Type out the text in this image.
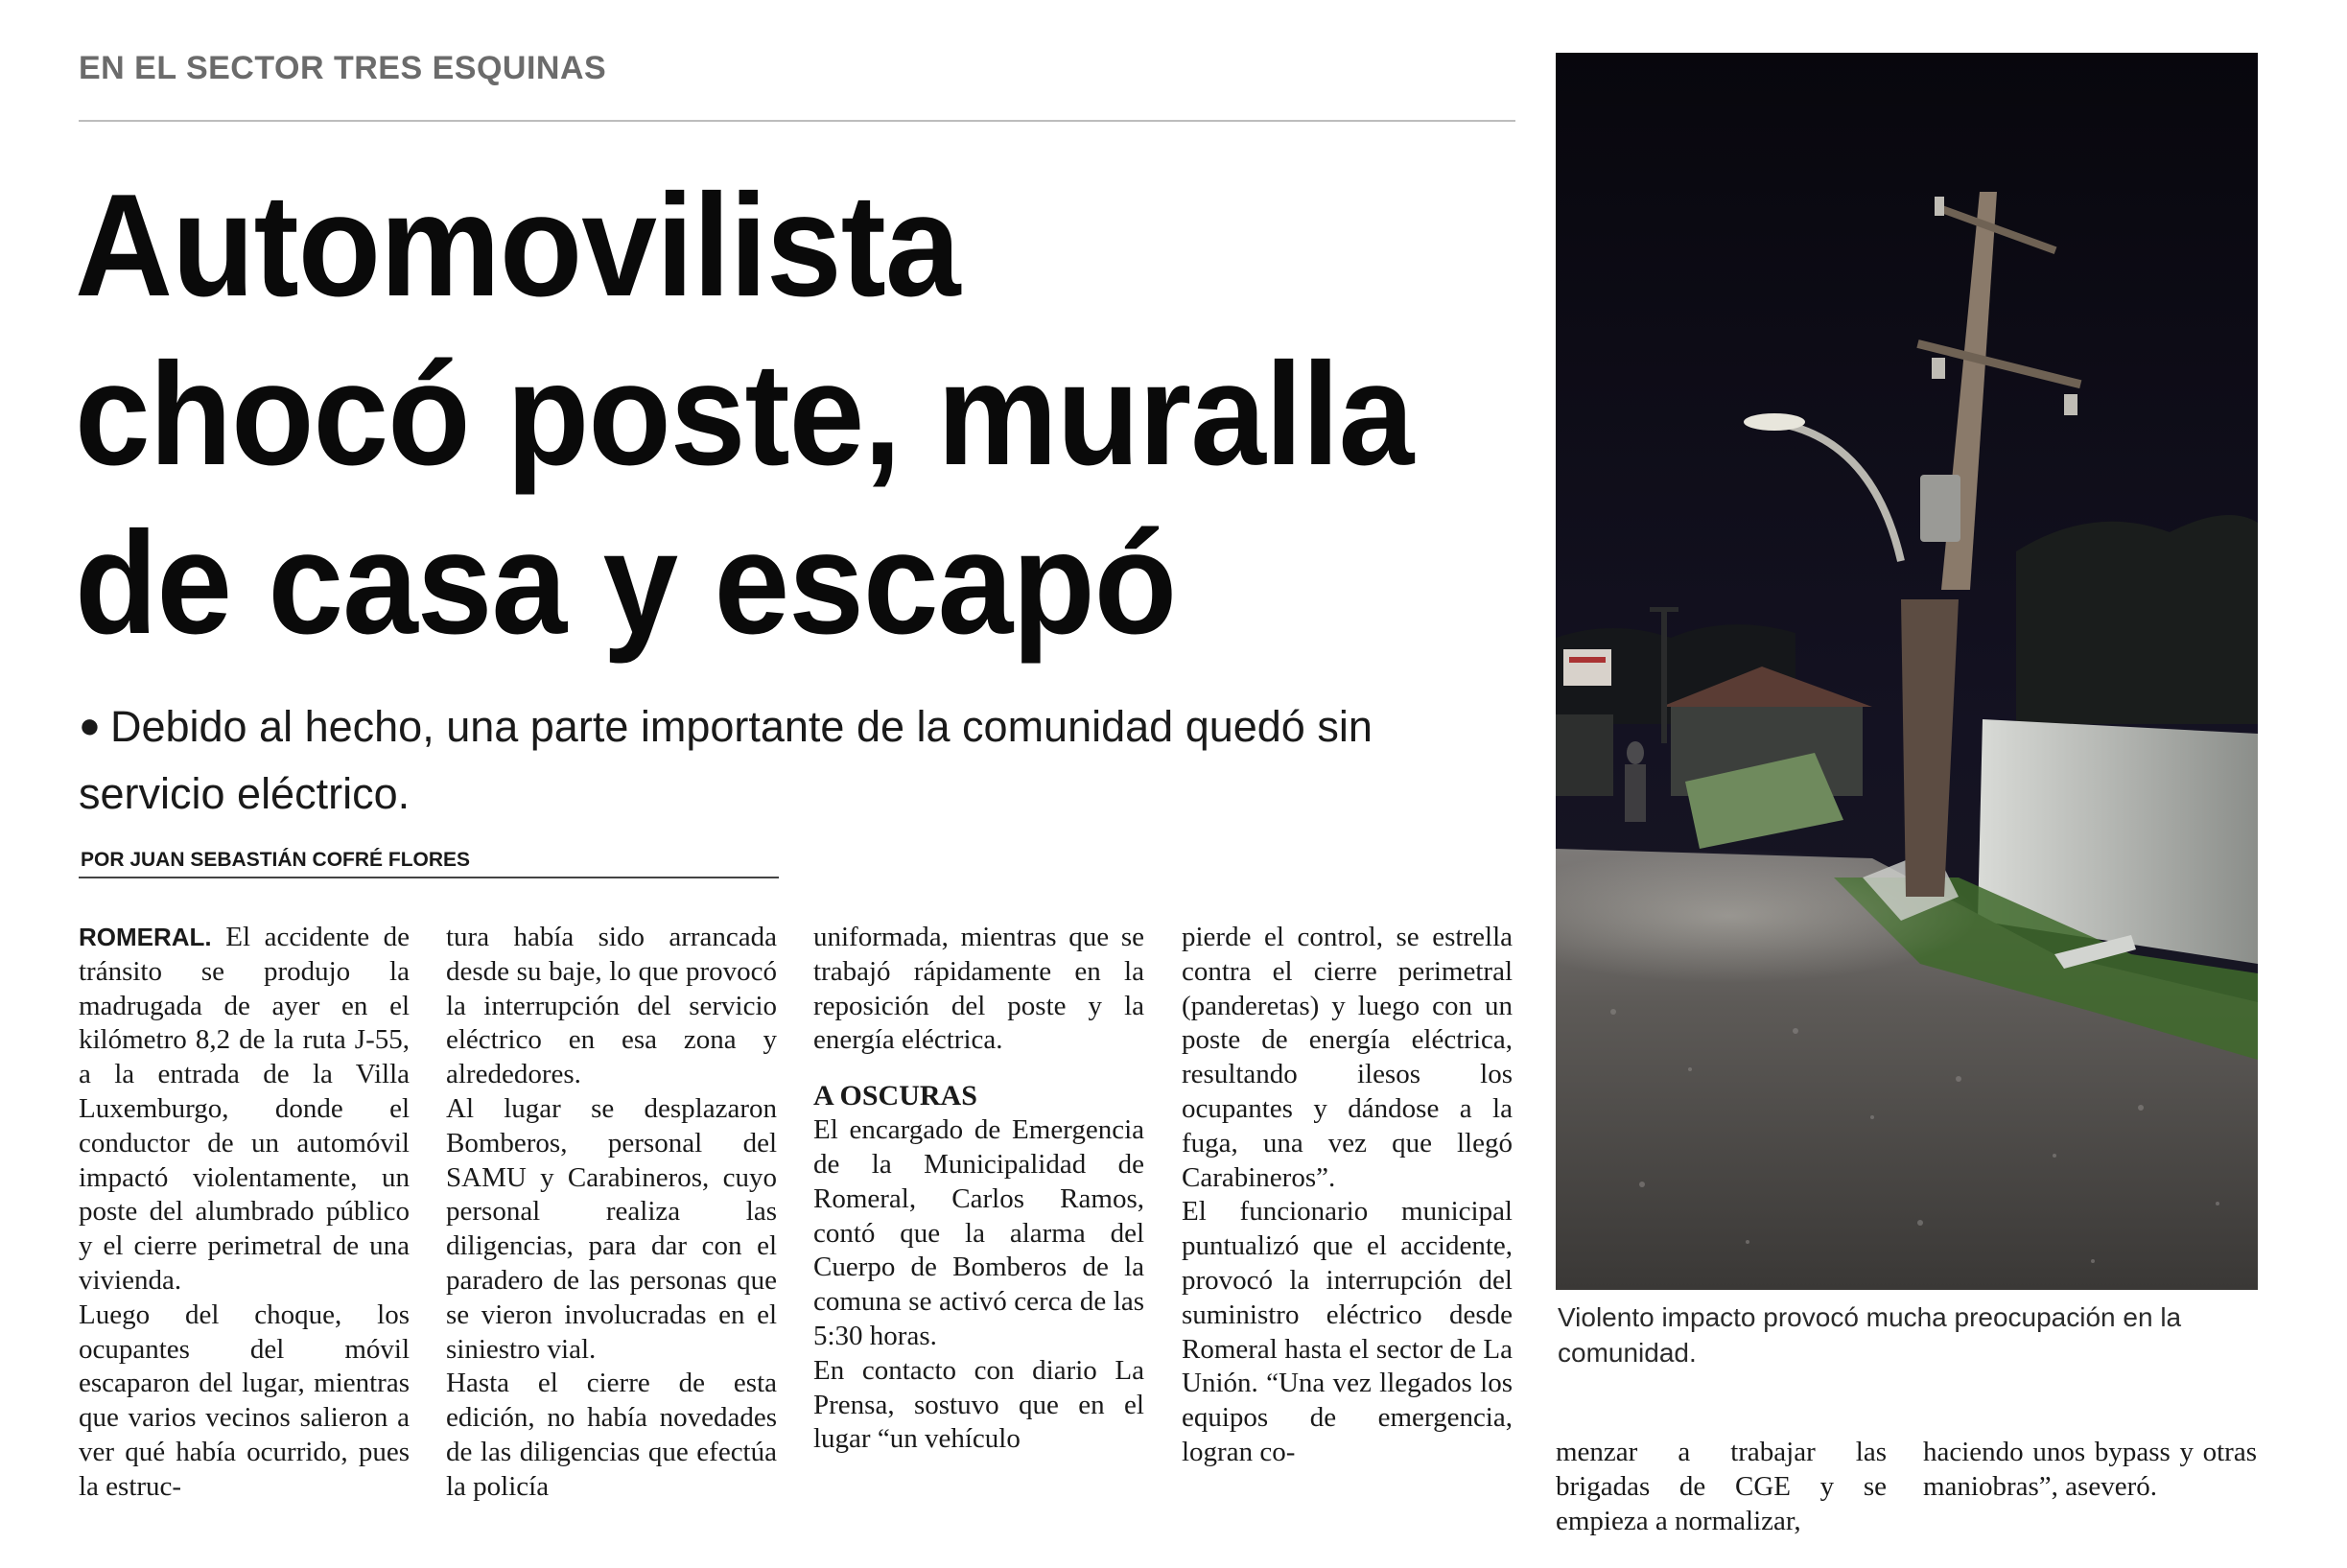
EN EL SECTOR TRES ESQUINAS
Automovilista
chocó poste, muralla
de casa y escapó
● Debido al hecho, una parte importante de la comunidad quedó sin servicio eléctrico.
POR JUAN SEBASTIÁN COFRÉ FLORES

ROMERAL. El accidente de tránsito se produjo la madrugada de ayer en el kilómetro 8,2 de la ruta J-55, a la entrada de la Villa Luxemburgo, donde el conductor de un automóvil impactó violentamente, un poste del alumbrado público y el cierre perimetral de una vivienda.

Luego del choque, los ocupantes del móvil escaparon del lugar, mientras que varios vecinos salieron a ver qué había ocurrido, pues la estruc-

tura había sido arrancada desde su baje, lo que provocó la interrupción del servicio eléctrico en esa zona y alrededores.

Al lugar se desplazaron Bomberos, personal del SAMU y Carabineros, cuyo personal realiza las diligencias, para dar con el paradero de las personas que se vieron involucradas en el siniestro vial.

Hasta el cierre de esta edición, no había novedades de las diligencias que efectúa la policía

uniformada, mientras que se trabajó rápidamente en la reposición del poste y la energía eléctrica.

A OSCURAS

El encargado de Emergencia de la Municipalidad de Romeral, Carlos Ramos, contó que la alarma del Cuerpo de Bomberos de la comuna se activó cerca de las 5:30 horas.

En contacto con diario La Prensa, sostuvo que en el lugar “un vehículo

pierde el control, se estrella contra el cierre perimetral (panderetas) y luego con un poste de energía eléctrica, resultando ilesos los ocupantes y dándose a la fuga, una vez que llegó Carabineros”.

El funcionario municipal puntualizó que el accidente, provocó la interrupción del suministro eléctrico desde Romeral hasta el sector de La Unión. “Una vez llegados los equipos de emergencia, logran co-	menzar a trabajar las brigadas de CGE y se empieza a normalizar,

haciendo unos bypass y otras maniobras”, aseveró.

Violento impacto provocó mucha preocupación en la comunidad.
